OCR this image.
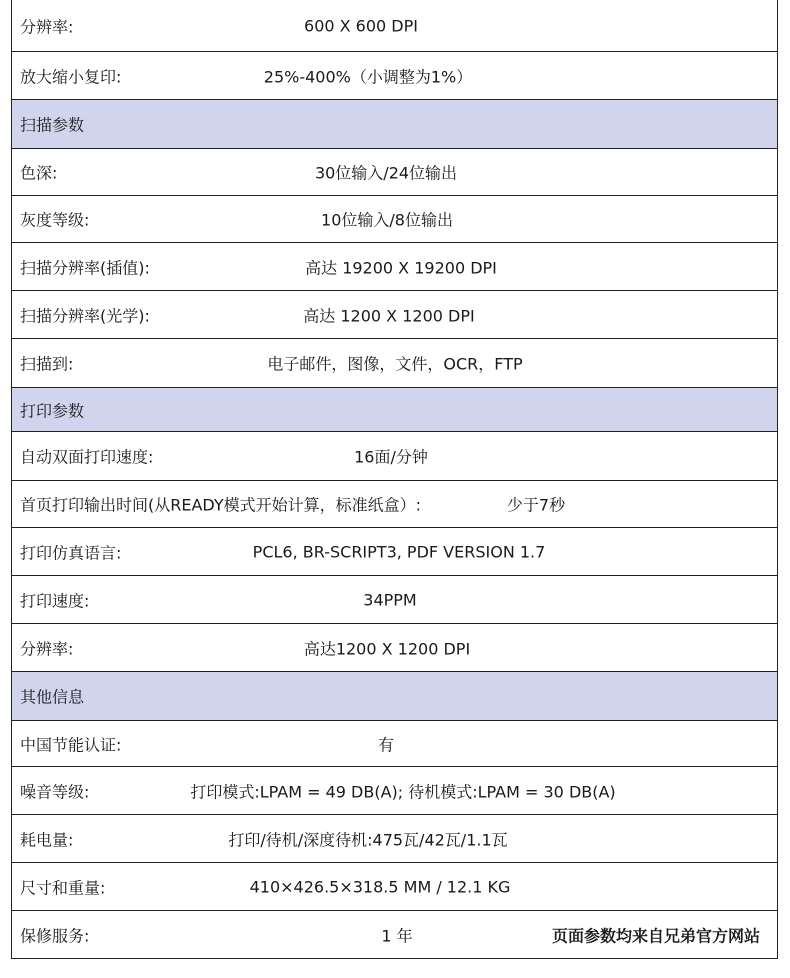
分辨率:	600 X 600 DPI
放大缩小复印:	25%-400%（小调整为1%）
扫描参数
色深:	30位输入/24位输出
灰度等级:	10位输入/8位输出
扫描分辨率(插值):	高达 19200 X 19200 DPI
扫描分辨率(光学):	高达 1200 X 1200 DPI
扫描到:	电子邮件，图像，文件，OCR，FTP
打印参数
自动双面打印速度:	16面/分钟
首页打印输出时间(从READY模式开始计算，标准纸盒）:	少于7秒
打印仿真语言:	PCL6, BR-SCRIPT3, PDF VERSION 1.7
打印速度:	34PPM
分辨率:	高达1200 X 1200 DPI
其他信息
中国节能认证:	有
噪音等级:	打印模式:LPAM = 49 DB(A); 待机模式:LPAM = 30 DB(A)
耗电量:	打印/待机/深度待机:475瓦/42瓦/1.1瓦
尺寸和重量:	410×426.5×318.5 MM / 12.1 KG
保修服务:	1 年	页面参数均来自兄弟官方网站
